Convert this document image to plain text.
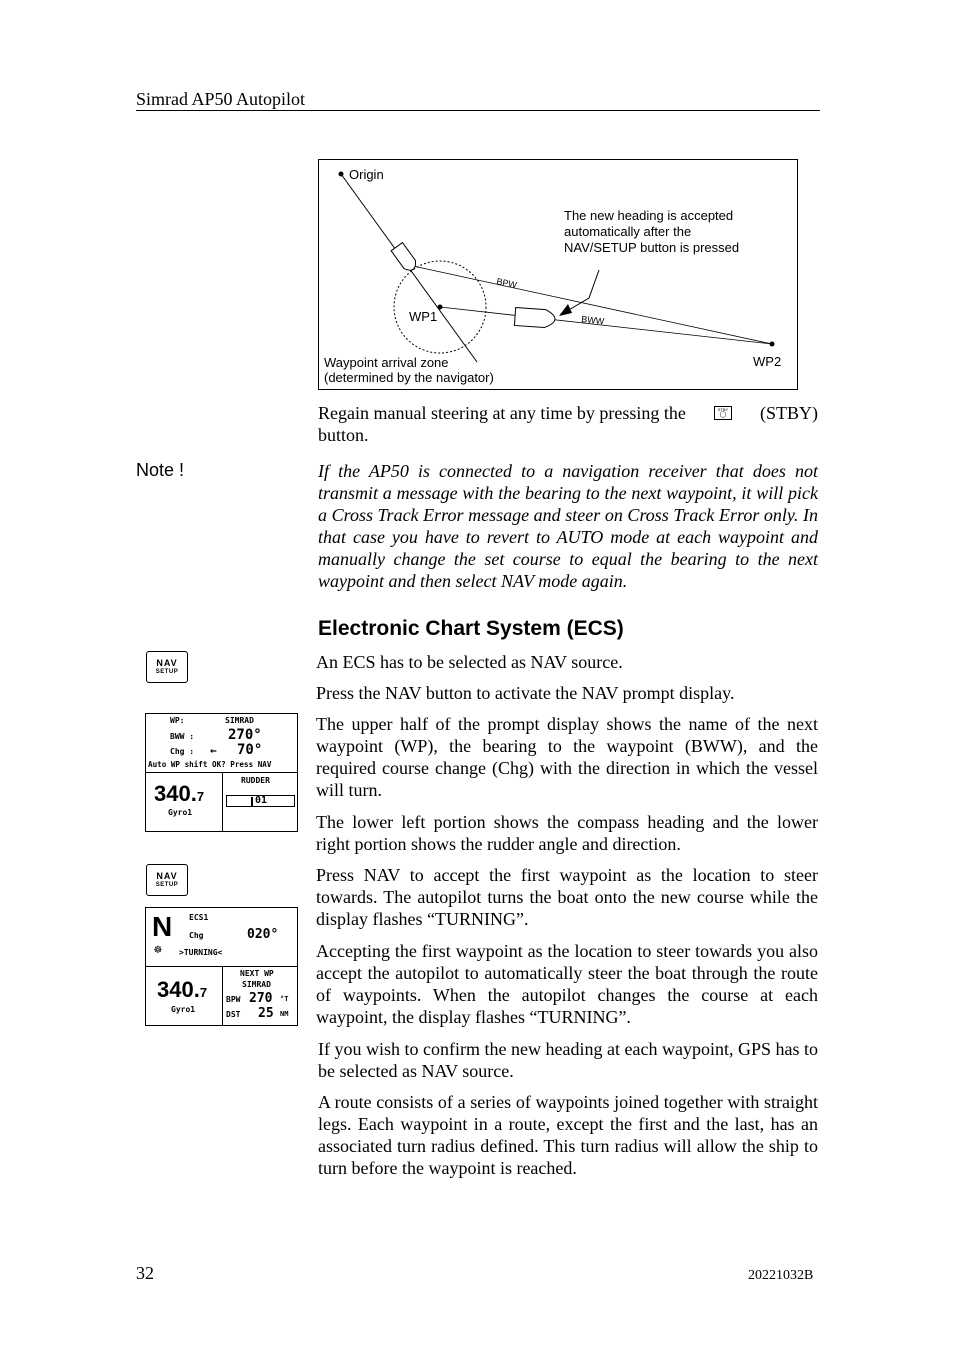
Simrad AP50 Autopilot
Origin
WP1
WP2
BPW
BWW
The new heading is accepted automatically after the NAV/SETUP button is pressed
Waypoint arrival zone (determined by the navigator)
Regain manual steering at any time by pressing the	STBY
◯	(STBY)
button.
Note !	If the AP50 is connected to a navigation receiver that does not transmit a message with the bearing to the next waypoint, it will pick a Cross Track Error message and steer on Cross Track Error only. In that case you have to revert to AUTO mode at each waypoint and manually change the set course to equal the bearing to the next waypoint and then select NAV mode again.
Electronic Chart System (ECS)
NAV
SETUP
WP:	SIMRAD
BWW : 270°
Chg : ← 70°
Auto WP shift OK? Press NAV
340.7
Gyro1
RUDDER
01
NAV
SETUP
N ECS1
Chg	020°
☸ >TURNING<
340.7
Gyro1
NEXT WP
SIMRAD
BPW 270 °T
DST 25 NM
An ECS has to be selected as NAV source.
Press the NAV button to activate the NAV prompt display.
The upper half of the prompt display shows the name of the next waypoint (WP), the bearing to the waypoint (BWW), and the required course change (Chg) with the direction in which the vessel will turn.
The lower left portion shows the compass heading and the lower right portion shows the rudder angle and direction.
Press NAV to accept the first waypoint as the location to steer towards. The autopilot turns the boat onto the new course while the display flashes “TURNING”.
Accepting the first waypoint as the location to steer towards you also accept the autopilot to automatically steer the boat through the route of waypoints. When the autopilot changes the course at each waypoint, the display flashes “TURNING”.
If you wish to confirm the new heading at each waypoint, GPS has to be selected as NAV source.
A route consists of a series of waypoints joined together with straight legs. Each waypoint in a route, except the first and the last, has an associated turn radius defined. This turn radius will allow the ship to turn before the waypoint is reached.
32	20221032B
